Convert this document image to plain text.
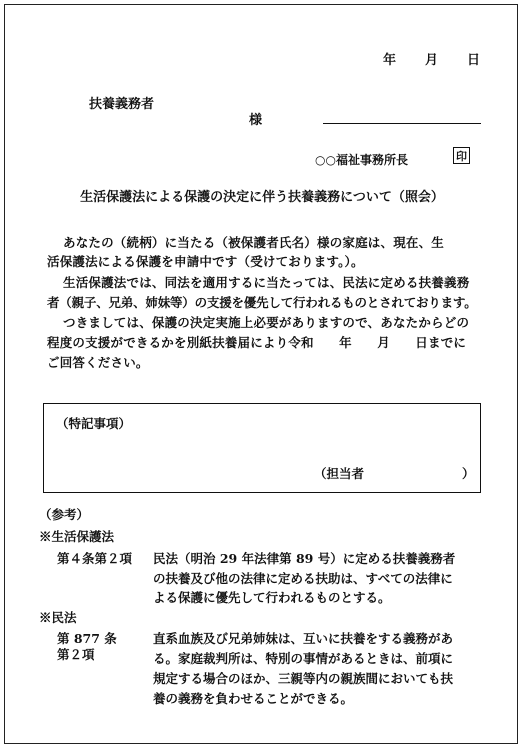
年 月 日
扶養義務者
様
○○福祉事務所長	印
生活保護法による保護の決定に伴う扶養義務について（照会）
あなたの（続柄）に当たる（被保護者氏名）様の家庭は、現在、生
活保護法による保護を申請中です（受けております。）。
生活保護法では、同法を適用するに当たっては、民法に定める扶養義務
者（親子、兄弟、姉妹等）の支援を優先して行われるものとされております。
つきましては、保護の決定実施上必要がありますので、あなたからどの
程度の支援ができるかを別紙扶養届により令和　　年　　月　　日までに
ご回答ください。
（特記事項）
（担当者	）
（参考）
※生活保護法
第４条第２項 民法（明治 29 年法律第 89 号）に定める扶養義務者
の扶養及び他の法律に定める扶助は、すべての法律に
よる保護に優先して行われるものとする。
※民法
第 877 条
第２項
直系血族及び兄弟姉妹は、互いに扶養をする義務があ
る。家庭裁判所は、特別の事情があるときは、前項に
規定する場合のほか、三親等内の親族間においても扶
養の義務を負わせることができる。
